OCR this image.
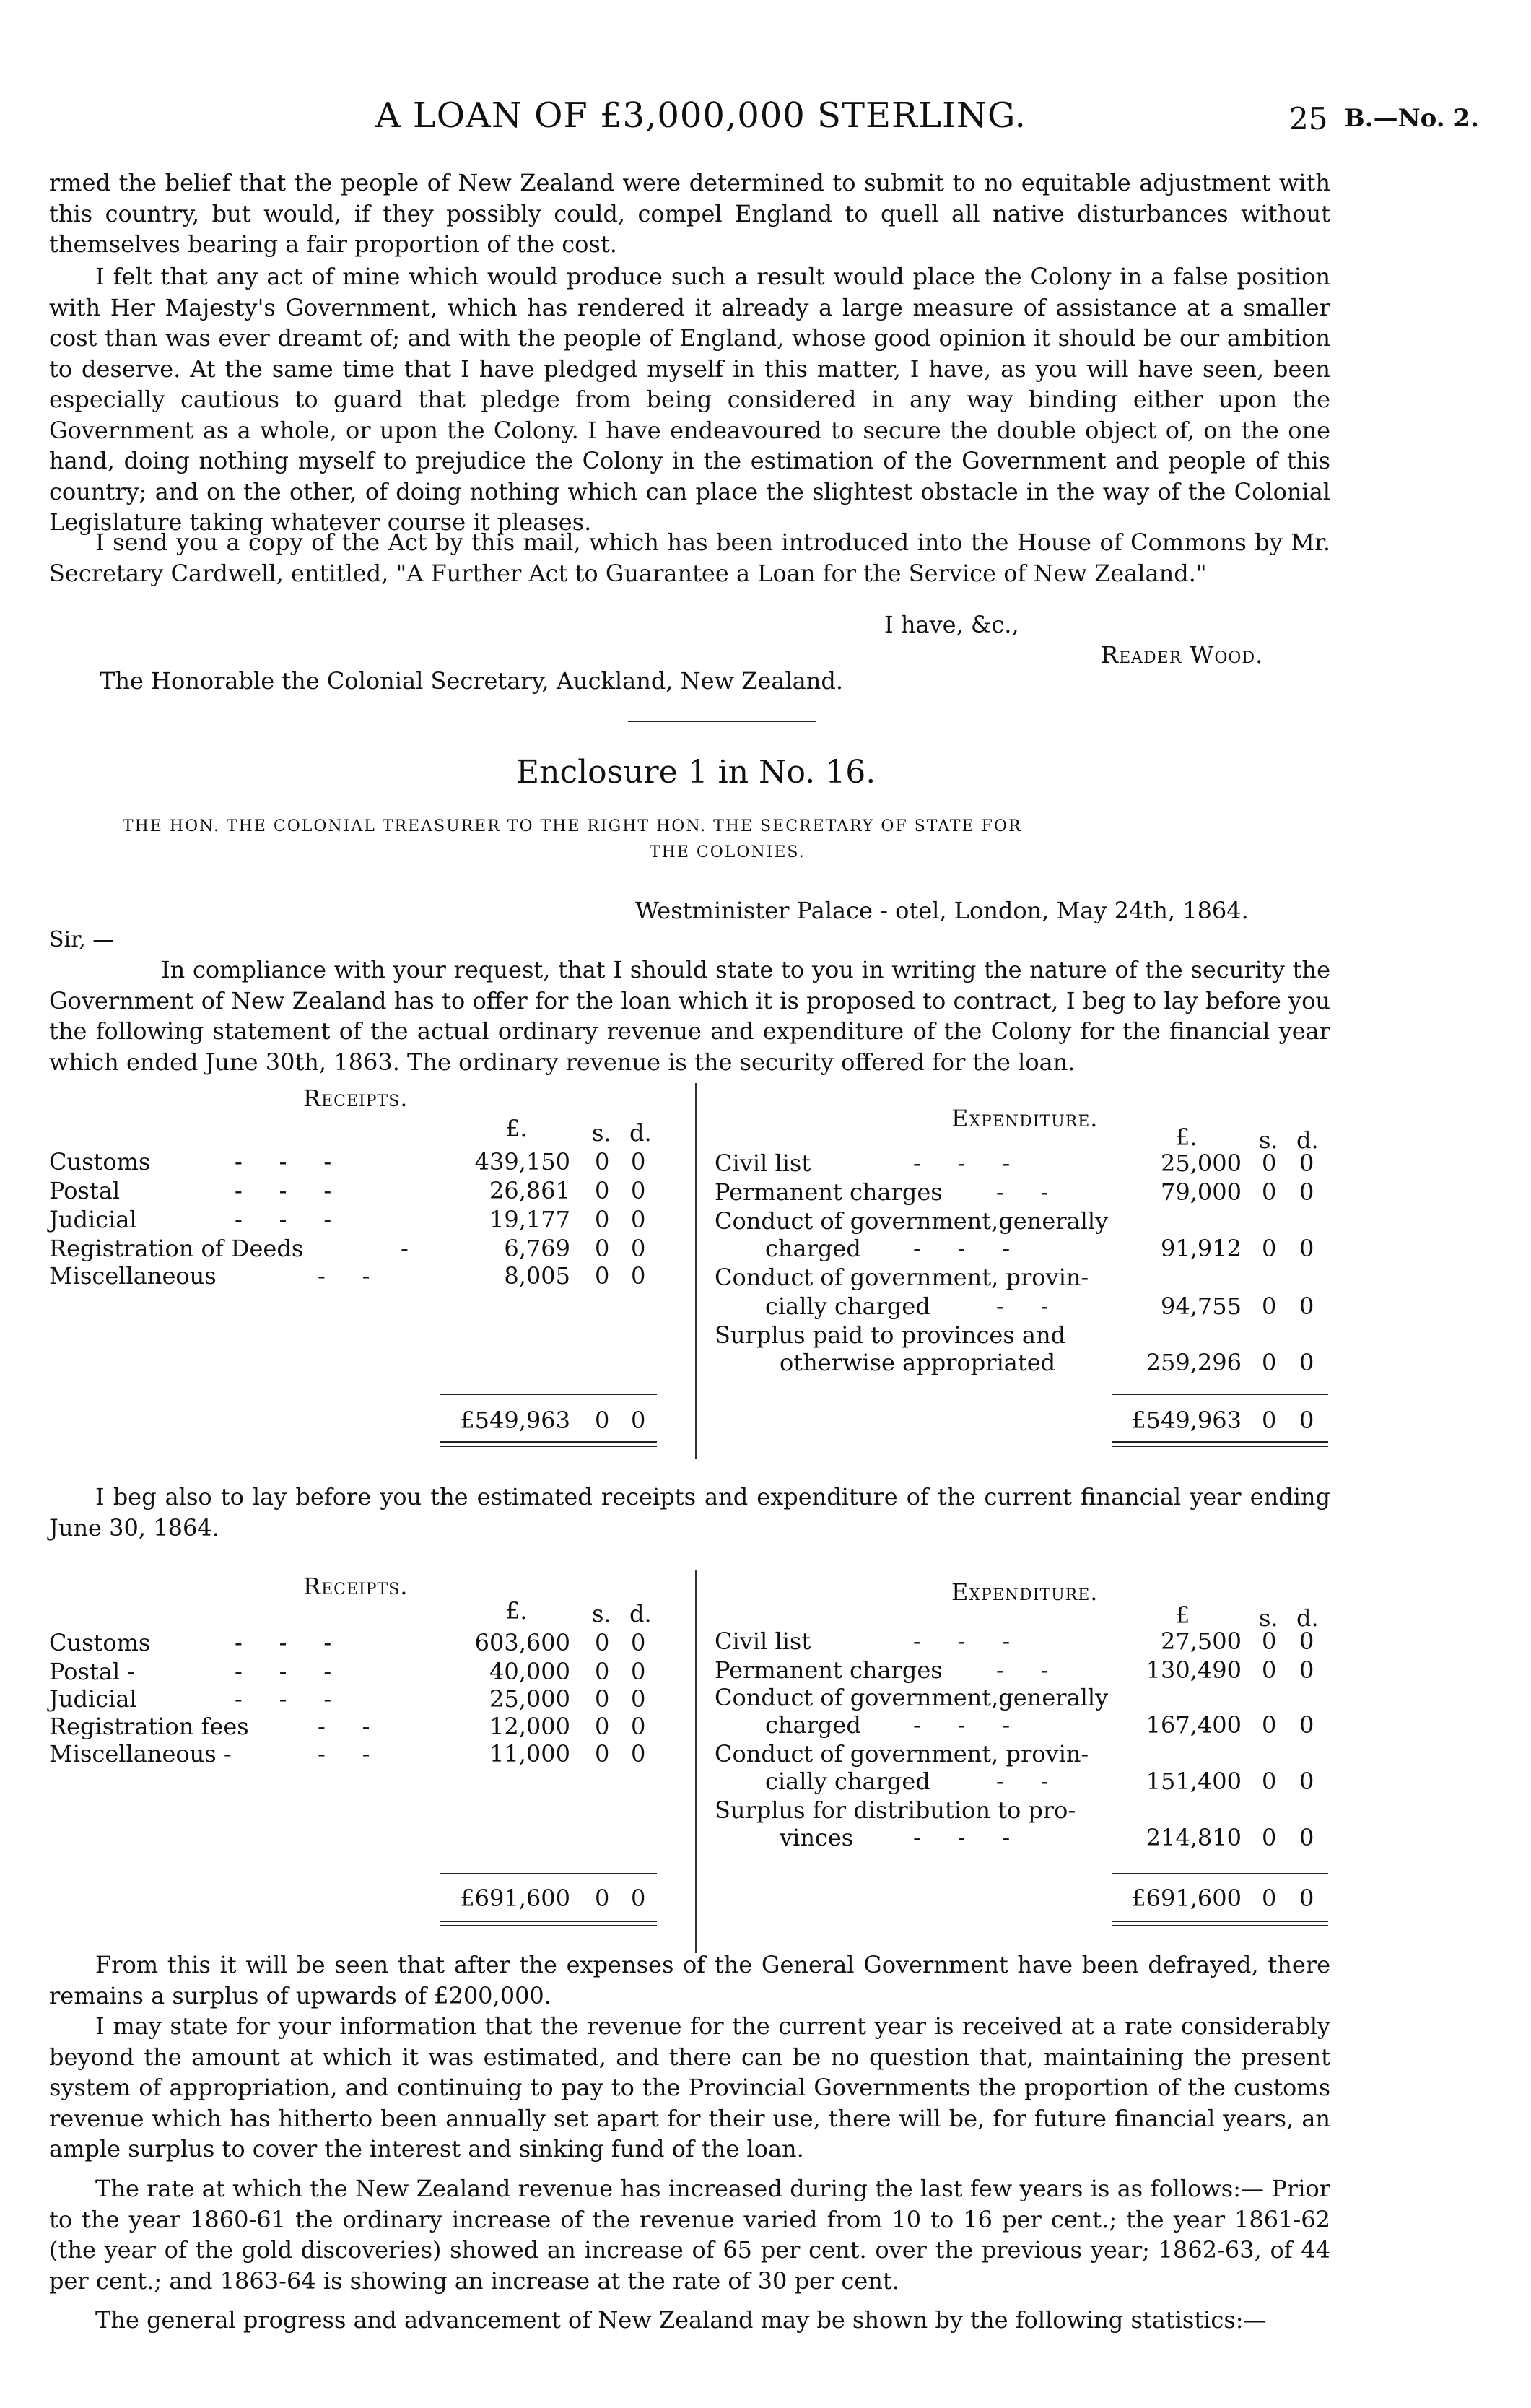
A LOAN OF £3,000,000 STERLING.	25 B.—No. 2.
rmed the belief that the people of New Zealand were determined to submit to no equitable adjustment with this country, but would, if they possibly could, compel England to quell all native disturbances without themselves bearing a fair proportion of the cost.
I felt that any act of mine which would produce such a result would place the Colony in a false position with Her Majesty's Government, which has rendered it already a large measure of assistance at a smaller cost than was ever dreamt of; and with the people of England, whose good opinion it should be our ambition to deserve. At the same time that I have pledged myself in this matter, I have, as you will have seen, been especially cautious to guard that pledge from being considered in any way binding either upon the Government as a whole, or upon the Colony. I have endeavoured to secure the double object of, on the one hand, doing nothing myself to prejudice the Colony in the estimation of the Government and people of this country; and on the other, of doing nothing which can place the slightest obstacle in the way of the Colonial Legislature taking whatever course it pleases.
I send you a copy of the Act by this mail, which has been introduced into the House of Commons by Mr. Secretary Cardwell, entitled, "A Further Act to Guarantee a Loan for the Service of New Zealand."
I have, &c.,
Reader Wood.
The Honorable the Colonial Secretary, Auckland, New Zealand.
Enclosure 1 in No. 16.
THE HON. THE COLONIAL TREASURER TO THE RIGHT HON. THE SECRETARY OF STATE FOR
THE COLONIES.
Westminister Palace - otel, London, May 24th, 1864.
Sir, —
In compliance with your request, that I should state to you in writing the nature of the security the Government of New Zealand has to offer for the loan which it is proposed to contract, I beg to lay before you the following statement of the actual ordinary revenue and expenditure of the Colony for the financial year which ended June 30th, 1863. The ordinary revenue is the security offered for the loan.
Receipts.
Expenditure.
£.	s. d.	£.	s. d.
Customs	-     -     -	439,150 0 0
Postal	-     -     -	26,861 0 0
Judicial	-     -     -	19,177 0 0
Registration of Deeds	-	6,769 0 0
Miscellaneous	-     -	8,005 0 0
Civil list	-     -     -	25,000 0 0
Permanent charges -     -	79,000 0 0
Conduct of government,generally
charged -     -     -	91,912 0 0
Conduct of government, provin-
cially charged	-     -	94,755 0 0
Surplus paid to provinces and
otherwise appropriated	259,296 0 0
£549,963 0 0	£549,963 0 0
I beg also to lay before you the estimated receipts and expenditure of the current financial year ending June 30, 1864.
Receipts.	Expenditure.
£.	s. d.	£	s. d.
Customs	-     -     -	603,600 0 0
Postal -	-     -     -	40,000 0 0
Judicial	-     -     -	25,000 0 0
Registration fees	-     -	12,000 0 0
Miscellaneous -	-     -	11,000 0 0
Civil list	-     -     -	27,500 0 0
Permanent charges -     -	130,490 0 0
Conduct of government,generally
charged -     -     -	167,400 0 0
Conduct of government, provin-
cially charged	-     -	151,400 0 0
Surplus for distribution to pro-
vinces	-     -     -	214,810 0 0
£691,600 0 0	£691,600 0 0
From this it will be seen that after the expenses of the General Government have been defrayed, there remains a surplus of upwards of £200,000.
I may state for your information that the revenue for the current year is received at a rate considerably beyond the amount at which it was estimated, and there can be no question that, maintaining the present system of appropriation, and continuing to pay to the Provincial Governments the proportion of the customs revenue which has hitherto been annually set apart for their use, there will be, for future financial years, an ample surplus to cover the interest and sinking fund of the loan.
The rate at which the New Zealand revenue has increased during the last few years is as follows:— Prior to the year 1860-61 the ordinary increase of the revenue varied from 10 to 16 per cent.; the year 1861-62 (the year of the gold discoveries) showed an increase of 65 per cent. over the previous year; 1862-63, of 44 per cent.; and 1863-64 is showing an increase at the rate of 30 per cent.
The general progress and advancement of New Zealand may be shown by the following statistics:—
